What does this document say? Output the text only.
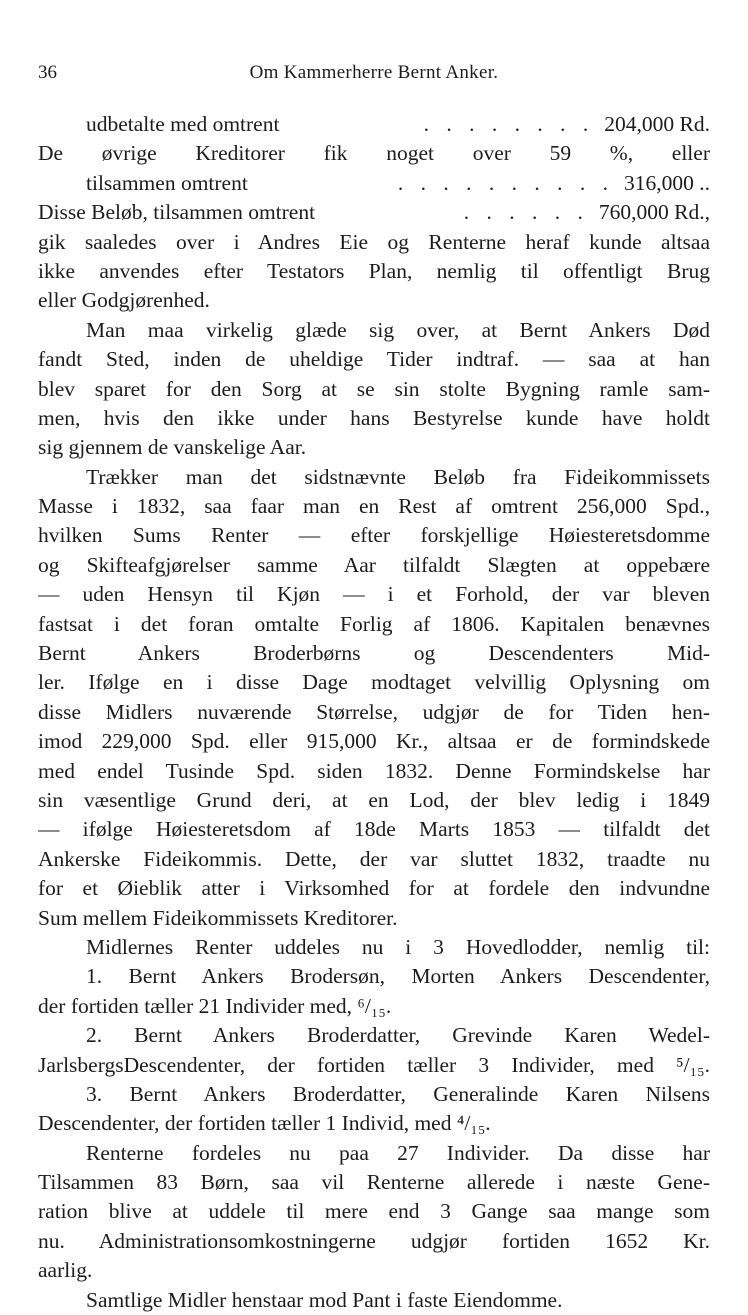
36	Om Kammerherre Bernt Anker.
udbetalte med omtrent	. . . . . . . . 204,000 Rd.
De øvrige Kreditorer fik noget over 59 %, eller
tilsammen omtrent	. . . . . . . . . . 316,000 ..
Disse Beløb, tilsammen omtrent	. . . . . . 760,000 Rd.,
gik saaledes over i Andres Eie og Renterne heraf kunde altsaa
ikke anvendes efter Testators Plan, nemlig til offentligt Brug
eller Godgjørenhed.
Man maa virkelig glæde sig over, at Bernt Ankers Død
fandt Sted, inden de uheldige Tider indtraf. — saa at han
blev sparet for den Sorg at se sin stolte Bygning ramle sam-
men, hvis den ikke under hans Bestyrelse kunde have holdt
sig gjennem de vanskelige Aar.
Trækker man det sidstnævnte Beløb fra Fideikommissets
Masse i 1832, saa faar man en Rest af omtrent 256,000 Spd.,
hvilken Sums Renter — efter forskjellige Høiesteretsdomme
og Skifteafgjørelser samme Aar tilfaldt Slægten at oppebære
— uden Hensyn til Kjøn — i et Forhold, der var bleven
fastsat i det foran omtalte Forlig af 1806. Kapitalen benævnes
Bernt Ankers Broderbørns og Descendenters Mid-
ler. Ifølge en i disse Dage modtaget velvillig Oplysning om
disse Midlers nuværende Størrelse, udgjør de for Tiden hen-
imod 229,000 Spd. eller 915,000 Kr., altsaa er de formindskede
med endel Tusinde Spd. siden 1832. Denne Formindskelse har
sin væsentlige Grund deri, at en Lod, der blev ledig i 1849
— ifølge Høiesteretsdom af 18de Marts 1853 — tilfaldt det
Ankerske Fideikommis. Dette, der var sluttet 1832, traadte nu
for et Øieblik atter i Virksomhed for at fordele den indvundne
Sum mellem Fideikommissets Kreditorer.
Midlernes Renter uddeles nu i 3 Hovedlodder, nemlig til:
1. Bernt Ankers Brodersøn, Morten Ankers Descendenter,
der fortiden tæller 21 Individer med, ⁶/₁₅.
2. Bernt Ankers Broderdatter, Grevinde Karen Wedel-
JarlsbergsDescendenter, der fortiden tæller 3 Individer, med ⁵/₁₅.
3. Bernt Ankers Broderdatter, Generalinde Karen Nilsens
Descendenter, der fortiden tæller 1 Individ, med ⁴/₁₅.
Renterne fordeles nu paa 27 Individer. Da disse har
Tilsammen 83 Børn, saa vil Renterne allerede i næste Gene-
ration blive at uddele til mere end 3 Gange saa mange som
nu. Administrationsomkostningerne udgjør fortiden 1652 Kr.
aarlig.
Samtlige Midler henstaar mod Pant i faste Eiendomme.
